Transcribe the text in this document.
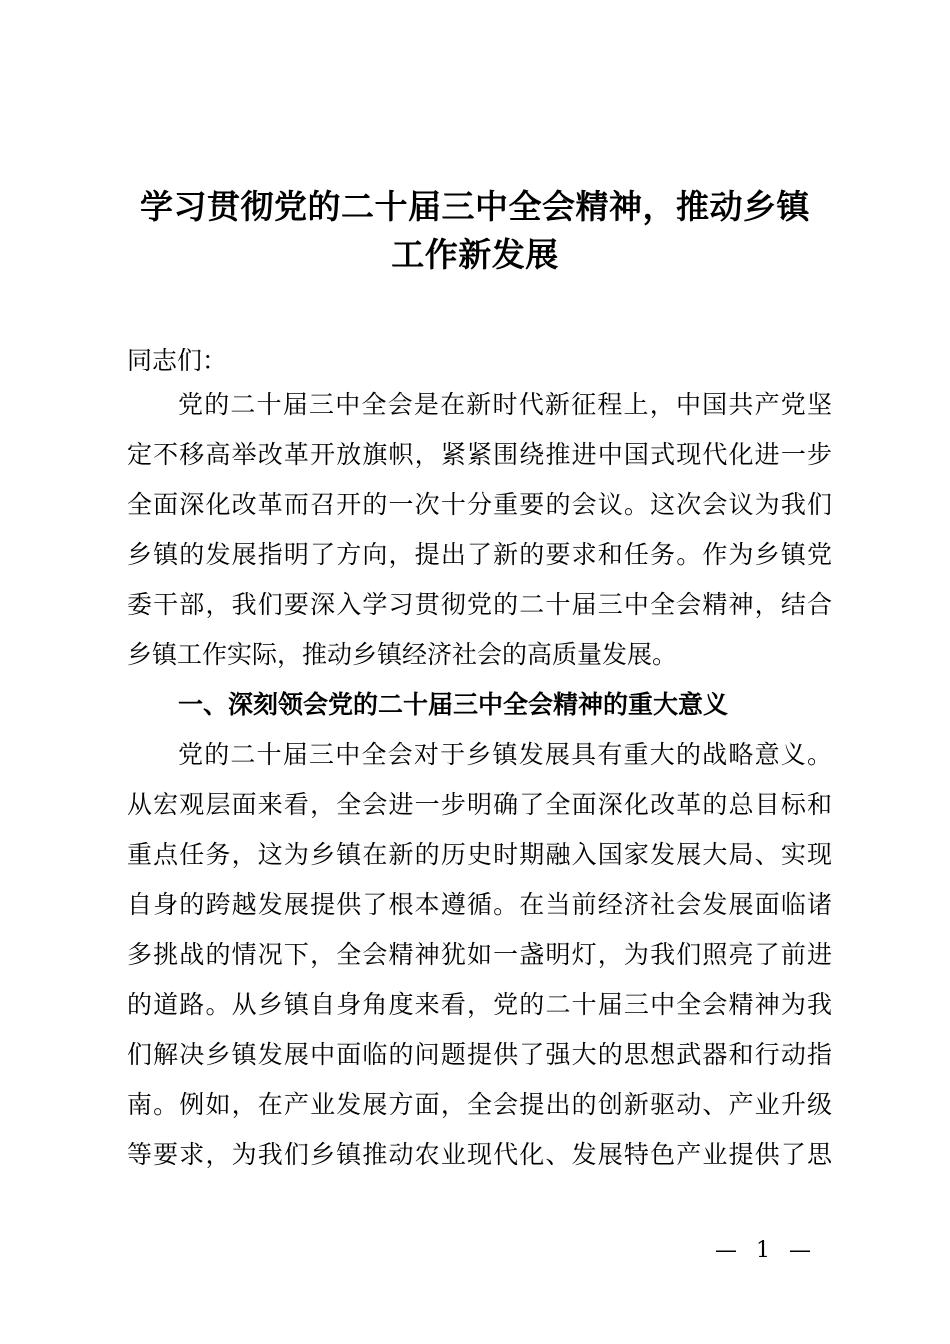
学习贯彻党的二十届三中全会精神，推动乡镇
工作新发展
同志们：
党的二十届三中全会是在新时代新征程上，中国共产党坚
定不移高举改革开放旗帜，紧紧围绕推进中国式现代化进一步
全面深化改革而召开的一次十分重要的会议。这次会议为我们
乡镇的发展指明了方向，提出了新的要求和任务。作为乡镇党
委干部，我们要深入学习贯彻党的二十届三中全会精神，结合
乡镇工作实际，推动乡镇经济社会的高质量发展。
一、深刻领会党的二十届三中全会精神的重大意义
党的二十届三中全会对于乡镇发展具有重大的战略意义。
从宏观层面来看，全会进一步明确了全面深化改革的总目标和
重点任务，这为乡镇在新的历史时期融入国家发展大局、实现
自身的跨越发展提供了根本遵循。在当前经济社会发展面临诸
多挑战的情况下，全会精神犹如一盏明灯，为我们照亮了前进
的道路。从乡镇自身角度来看，党的二十届三中全会精神为我
们解决乡镇发展中面临的问题提供了强大的思想武器和行动指
南。例如，在产业发展方面，全会提出的创新驱动、产业升级
等要求，为我们乡镇推动农业现代化、发展特色产业提供了思
— 1 —
